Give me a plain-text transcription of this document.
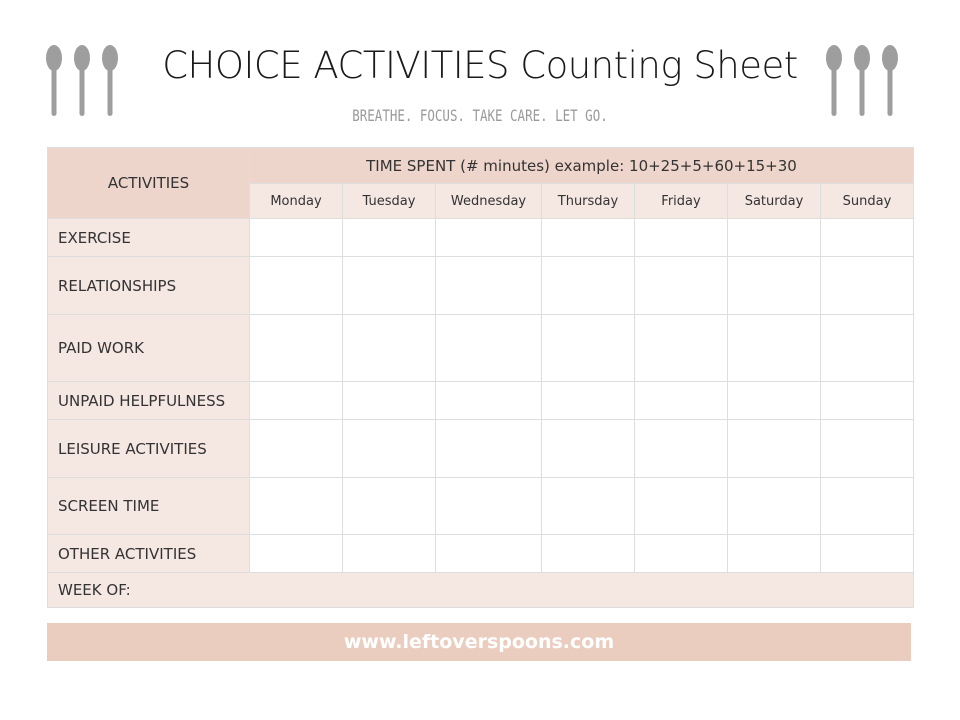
CHOICE ACTIVITIES Counting Sheet
BREATHE. FOCUS. TAKE CARE. LET GO.
ACTIVITIES	TIME SPENT (# minutes) example: 10+25+5+60+15+30						
	Monday	Tuesday	Wednesday	Thursday	Friday	Saturday	Sunday
EXERCISE							
RELATIONSHIPS							
PAID WORK							
UNPAID HELPFULNESS							
LEISURE ACTIVITIES							
SCREEN TIME							
OTHER ACTIVITIES							
WEEK OF:							
www.leftoverspoons.com
